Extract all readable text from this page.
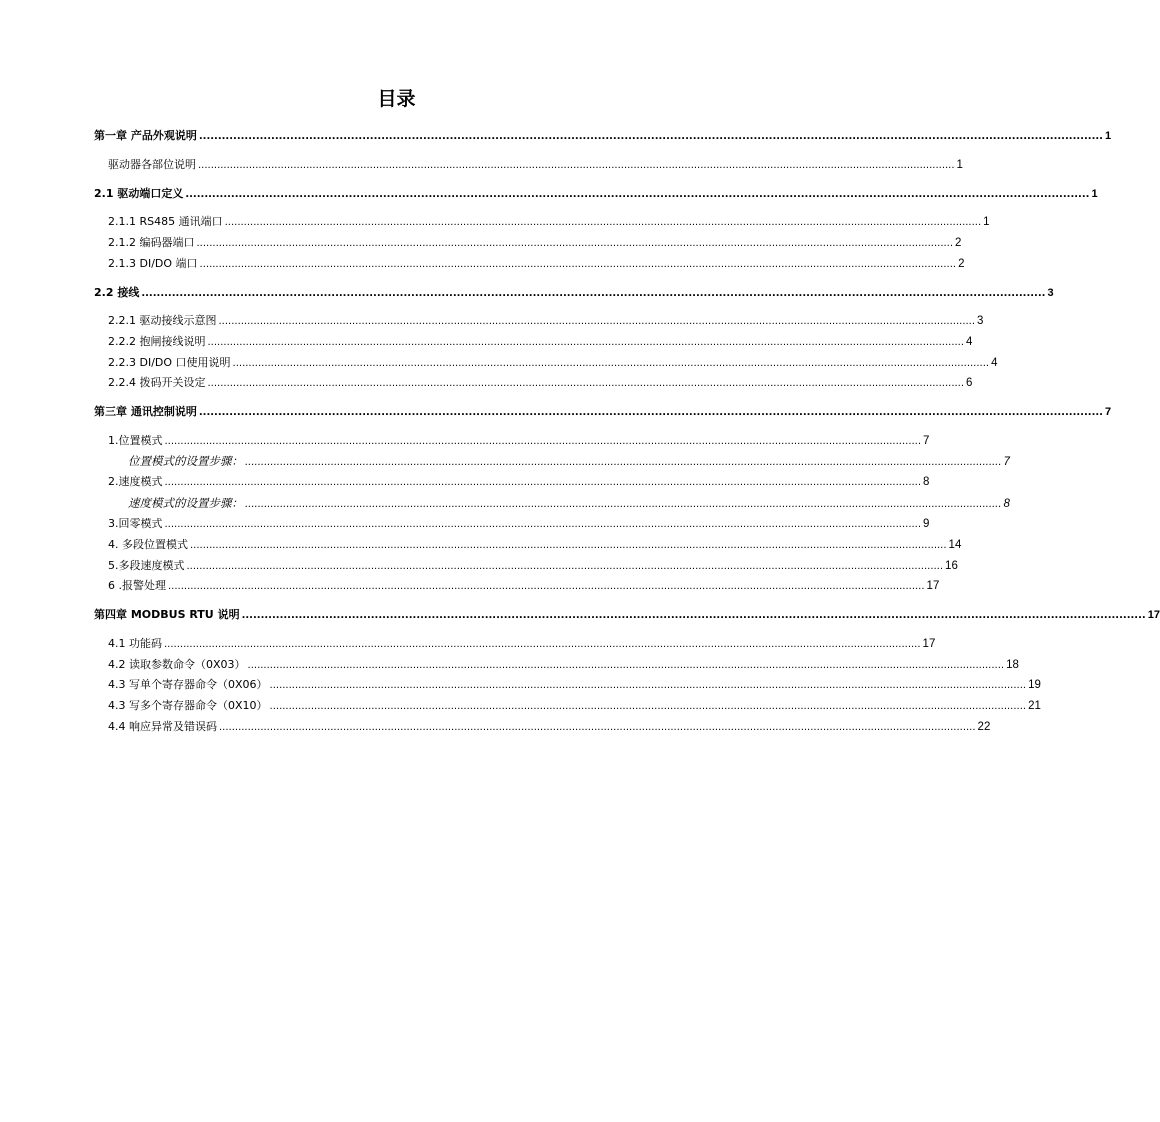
目录
第一章 产品外观说明 .............................................................................................................................................................................................................................................. 1
驱动器各部位说明 .............................................................................................................................................................................................................................................. 1
2.1 驱动端口定义 .............................................................................................................................................................................................................................................. 1
2.1.1 RS485 通讯端口 .............................................................................................................................................................................................................................................. 1
2.1.2 编码器端口 .............................................................................................................................................................................................................................................. 2
2.1.3 DI/DO 端口 .............................................................................................................................................................................................................................................. 2
2.2 接线 .............................................................................................................................................................................................................................................. 3
2.2.1 驱动接线示意图 .............................................................................................................................................................................................................................................. 3
2.2.2 抱闸接线说明 .............................................................................................................................................................................................................................................. 4
2.2.3 DI/DO 口使用说明 .............................................................................................................................................................................................................................................. 4
2.2.4 拨码开关设定 .............................................................................................................................................................................................................................................. 6
第三章 通讯控制说明 .............................................................................................................................................................................................................................................. 7
1.位置模式 .............................................................................................................................................................................................................................................. 7
位置模式的设置步骤： .............................................................................................................................................................................................................................................. 7
2.速度模式 .............................................................................................................................................................................................................................................. 8
速度模式的设置步骤： .............................................................................................................................................................................................................................................. 8
3.回零模式 .............................................................................................................................................................................................................................................. 9
4. 多段位置模式 .............................................................................................................................................................................................................................................. 14
5.多段速度模式 .............................................................................................................................................................................................................................................. 16
6 .报警处理 .............................................................................................................................................................................................................................................. 17
第四章 MODBUS RTU 说明 .............................................................................................................................................................................................................................................. 17
4.1 功能码 .............................................................................................................................................................................................................................................. 17
4.2 读取参数命令（0X03） .............................................................................................................................................................................................................................................. 18
4.3 写单个寄存器命令（0X06） .............................................................................................................................................................................................................................................. 19
4.3 写多个寄存器命令（0X10） .............................................................................................................................................................................................................................................. 21
4.4 响应异常及错误码 .............................................................................................................................................................................................................................................. 22
